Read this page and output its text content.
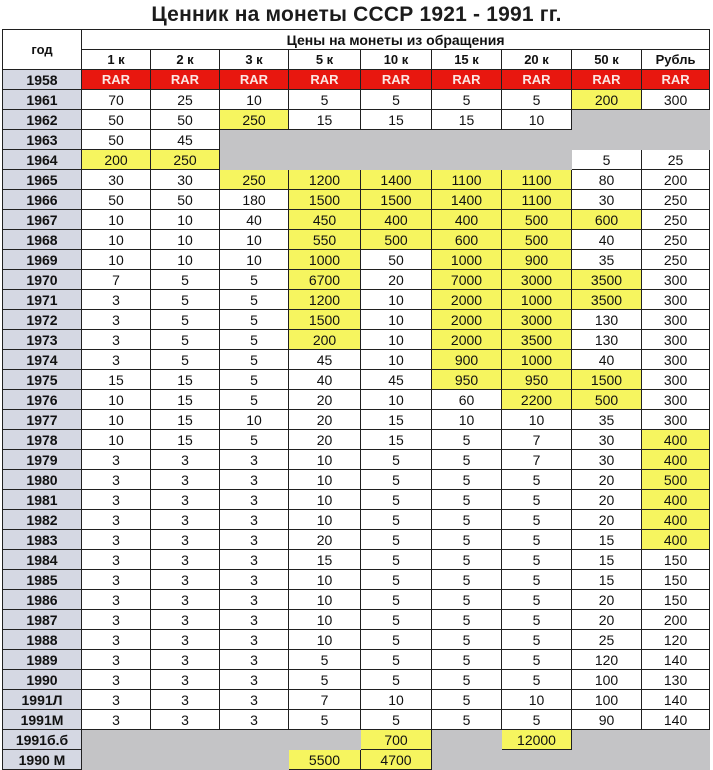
Ценник на монеты СССР 1921 - 1991 гг.
год	Цены на монеты из обращения								
	1 к	2 к	3 к	5 к	10 к	15 к	20 к	50 к	Рубль
1958	RAR	RAR	RAR	RAR	RAR	RAR	RAR	RAR	RAR
1961	70	25	10	5	5	5	5	200	300
1962	50	50	250	15	15	15	10		
1963	50	45							
1964	200	250						5	25
1965	30	30	250	1200	1400	1100	1100	80	200
1966	50	50	180	1500	1500	1400	1100	30	250
1967	10	10	40	450	400	400	500	600	250
1968	10	10	10	550	500	600	500	40	250
1969	10	10	10	1000	50	1000	900	35	250
1970	7	5	5	6700	20	7000	3000	3500	300
1971	3	5	5	1200	10	2000	1000	3500	300
1972	3	5	5	1500	10	2000	3000	130	300
1973	3	5	5	200	10	2000	3500	130	300
1974	3	5	5	45	10	900	1000	40	300
1975	15	15	5	40	45	950	950	1500	300
1976	10	15	5	20	10	60	2200	500	300
1977	10	15	10	20	15	10	10	35	300
1978	10	15	5	20	15	5	7	30	400
1979	3	3	3	10	5	5	7	30	400
1980	3	3	3	10	5	5	5	20	500
1981	3	3	3	10	5	5	5	20	400
1982	3	3	3	10	5	5	5	20	400
1983	3	3	3	20	5	5	5	15	400
1984	3	3	3	15	5	5	5	15	150
1985	3	3	3	10	5	5	5	15	150
1986	3	3	3	10	5	5	5	20	150
1987	3	3	3	10	5	5	5	20	200
1988	3	3	3	10	5	5	5	25	120
1989	3	3	3	5	5	5	5	120	140
1990	3	3	3	5	5	5	5	100	130
1991Л	3	3	3	7	10	5	10	100	140
1991М	3	3	3	5	5	5	5	90	140
1991б.б					700		12000		
1990 М				5500	4700				
